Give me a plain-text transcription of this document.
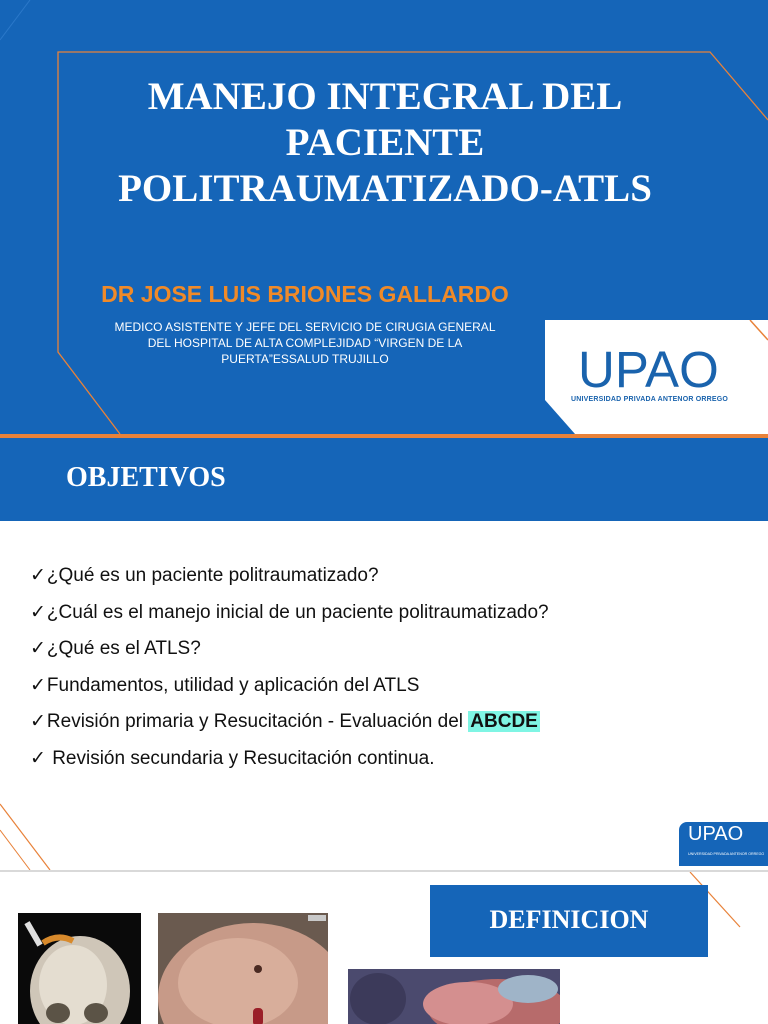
MANEJO INTEGRAL DEL
PACIENTE
POLITRAUMATIZADO-ATLS
DR JOSE LUIS BRIONES GALLARDO
MEDICO ASISTENTE Y JEFE DEL SERVICIO DE CIRUGIA GENERAL
DEL HOSPITAL DE ALTA COMPLEJIDAD “VIRGEN DE LA
PUERTA”ESSALUD TRUJILLO	UPAO
UNIVERSIDAD PRIVADA ANTENOR ORREGO
OBJETIVOS
✓¿Qué es un paciente politraumatizado?
✓¿Cuál es el manejo inicial de un paciente politraumatizado?
✓¿Qué es el ATLS?
✓Fundamentos, utilidad y aplicación del ATLS
✓Revisión primaria y Resucitación - Evaluación del ABCDE
✓ Revisión secundaria y Resucitación continua.
UPAO
UNIVERSIDAD PRIVADA ANTENOR ORREGO
DEFINICION
